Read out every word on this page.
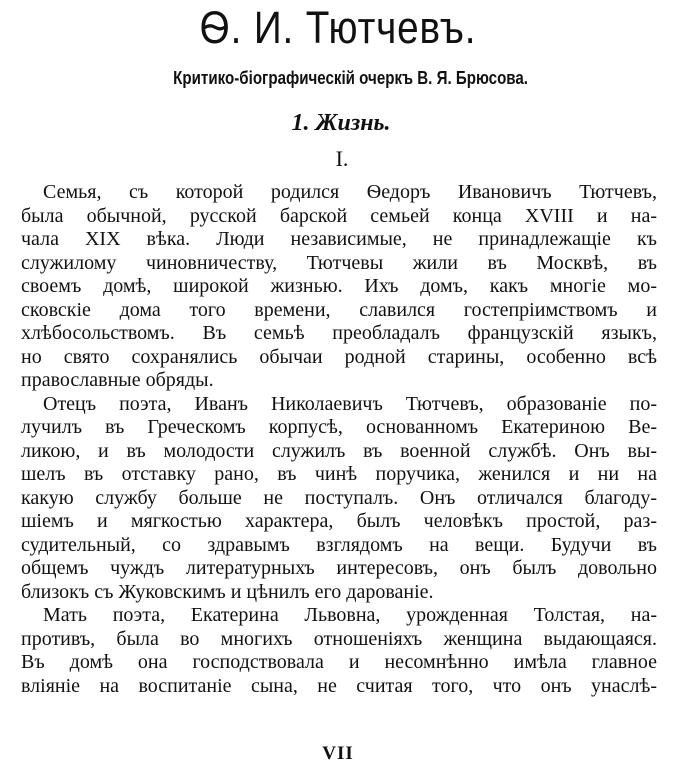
Ѳ. И. Тютчевъ.
Критико-біографическій очеркъ В. Я. Брюсова.
1. Жизнь.
I.
Семья, съ которой родился Ѳедоръ Ивановичъ Тютчевъ,
была обычной, русской барской семьей конца XVIII и на-
чала XIX вѣка. Люди независимые, не принадлежащіе къ
служилому чиновничеству, Тютчевы жили въ Москвѣ, въ
своемъ домѣ, широкой жизнью. Ихъ домъ, какъ многіе мо-
сковскіе дома того времени, славился гостепріимствомъ и
хлѣбосольствомъ. Въ семьѣ преобладалъ французскій языкъ,
но свято сохранялись обычаи родной старины, особенно всѣ
православные обряды.
Отецъ поэта, Иванъ Николаевичъ Тютчевъ, образованіе по-
лучилъ въ Греческомъ корпусѣ, основанномъ Екатериною Ве-
ликою, и въ молодости служилъ въ военной службѣ. Онъ вы-
шелъ въ отставку рано, въ чинѣ поручика, женился и ни на
какую службу больше не поступалъ. Онъ отличался благоду-
шіемъ и мягкостью характера, былъ человѣкъ простой, раз-
судительный, со здравымъ взглядомъ на вещи. Будучи въ
общемъ чуждъ литературныхъ интересовъ, онъ былъ довольно
близокъ съ Жуковскимъ и цѣнилъ его дарованіе.
Мать поэта, Екатерина Львовна, урожденная Толстая, на-
противъ, была во многихъ отношеніяхъ женщина выдающаяся.
Въ домѣ она господствовала и несомнѣнно имѣла главное
вліяніе на воспитаніе сына, не считая того, что онъ унаслѣ-
VII
